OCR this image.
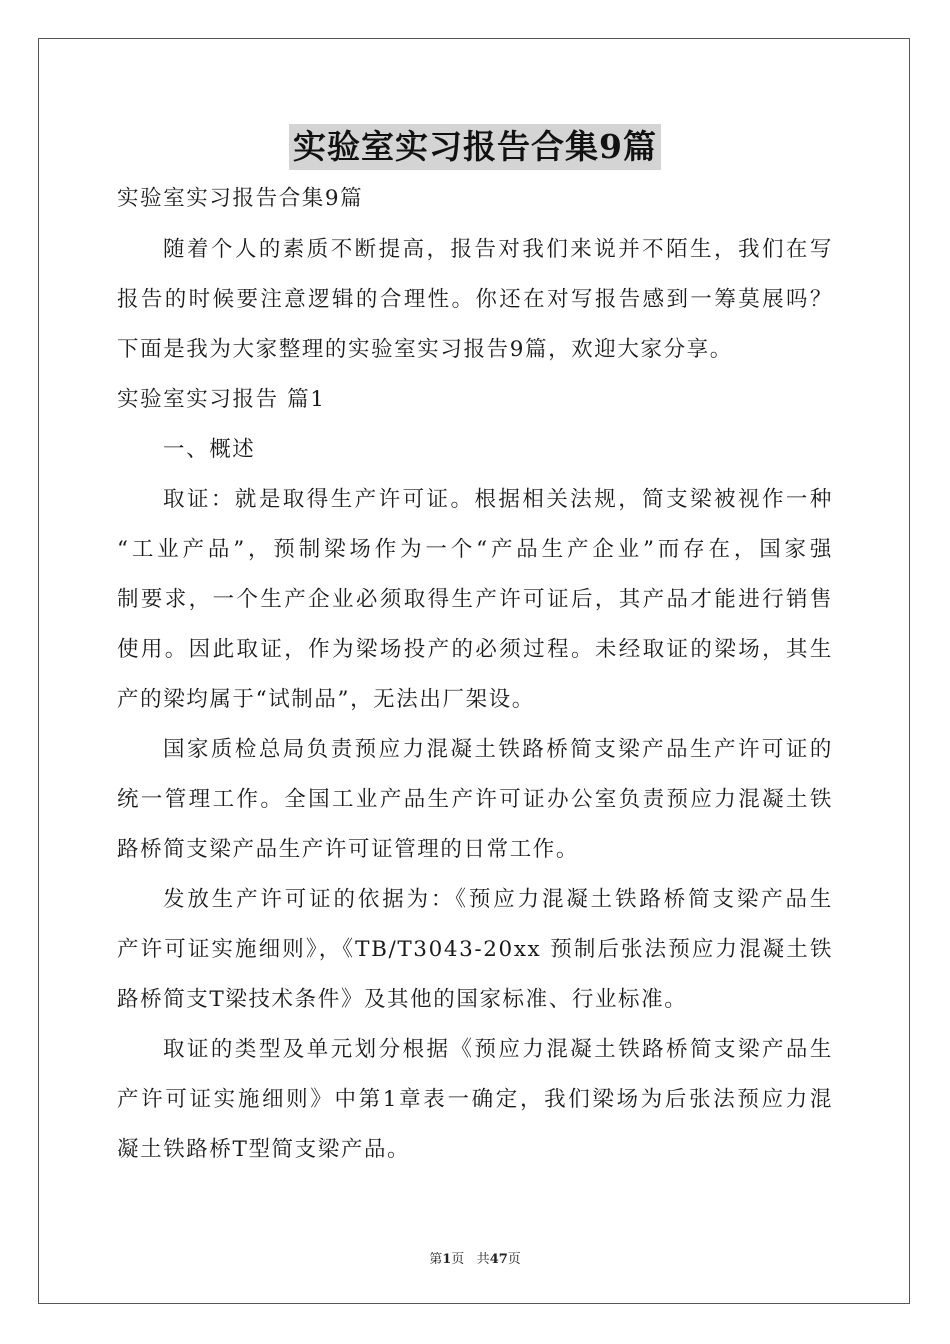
实验室实习报告合集9篇
实验室实习报告合集9篇
随着个人的素质不断提高，报告对我们来说并不陌生，我们在写
报告的时候要注意逻辑的合理性。你还在对写报告感到一筹莫展吗？
下面是我为大家整理的实验室实习报告9篇，欢迎大家分享。
实验室实习报告 篇1
一、概述
取证：就是取得生产许可证。根据相关法规，简支梁被视作一种
“工业产品”，预制梁场作为一个“产品生产企业”而存在，国家强
制要求，一个生产企业必须取得生产许可证后，其产品才能进行销售
使用。因此取证，作为梁场投产的必须过程。未经取证的梁场，其生
产的梁均属于“试制品”，无法出厂架设。
国家质检总局负责预应力混凝土铁路桥简支梁产品生产许可证的
统一管理工作。全国工业产品生产许可证办公室负责预应力混凝土铁
路桥简支梁产品生产许可证管理的日常工作。
发放生产许可证的依据为：《预应力混凝土铁路桥简支梁产品生
产许可证实施细则》，《TB/T3043-20xx 预制后张法预应力混凝土铁
路桥简支T梁技术条件》及其他的国家标准、行业标准。
取证的类型及单元划分根据《预应力混凝土铁路桥简支梁产品生
产许可证实施细则》中第1章表一确定，我们梁场为后张法预应力混
凝土铁路桥T型简支梁产品。
第1页 共47页
